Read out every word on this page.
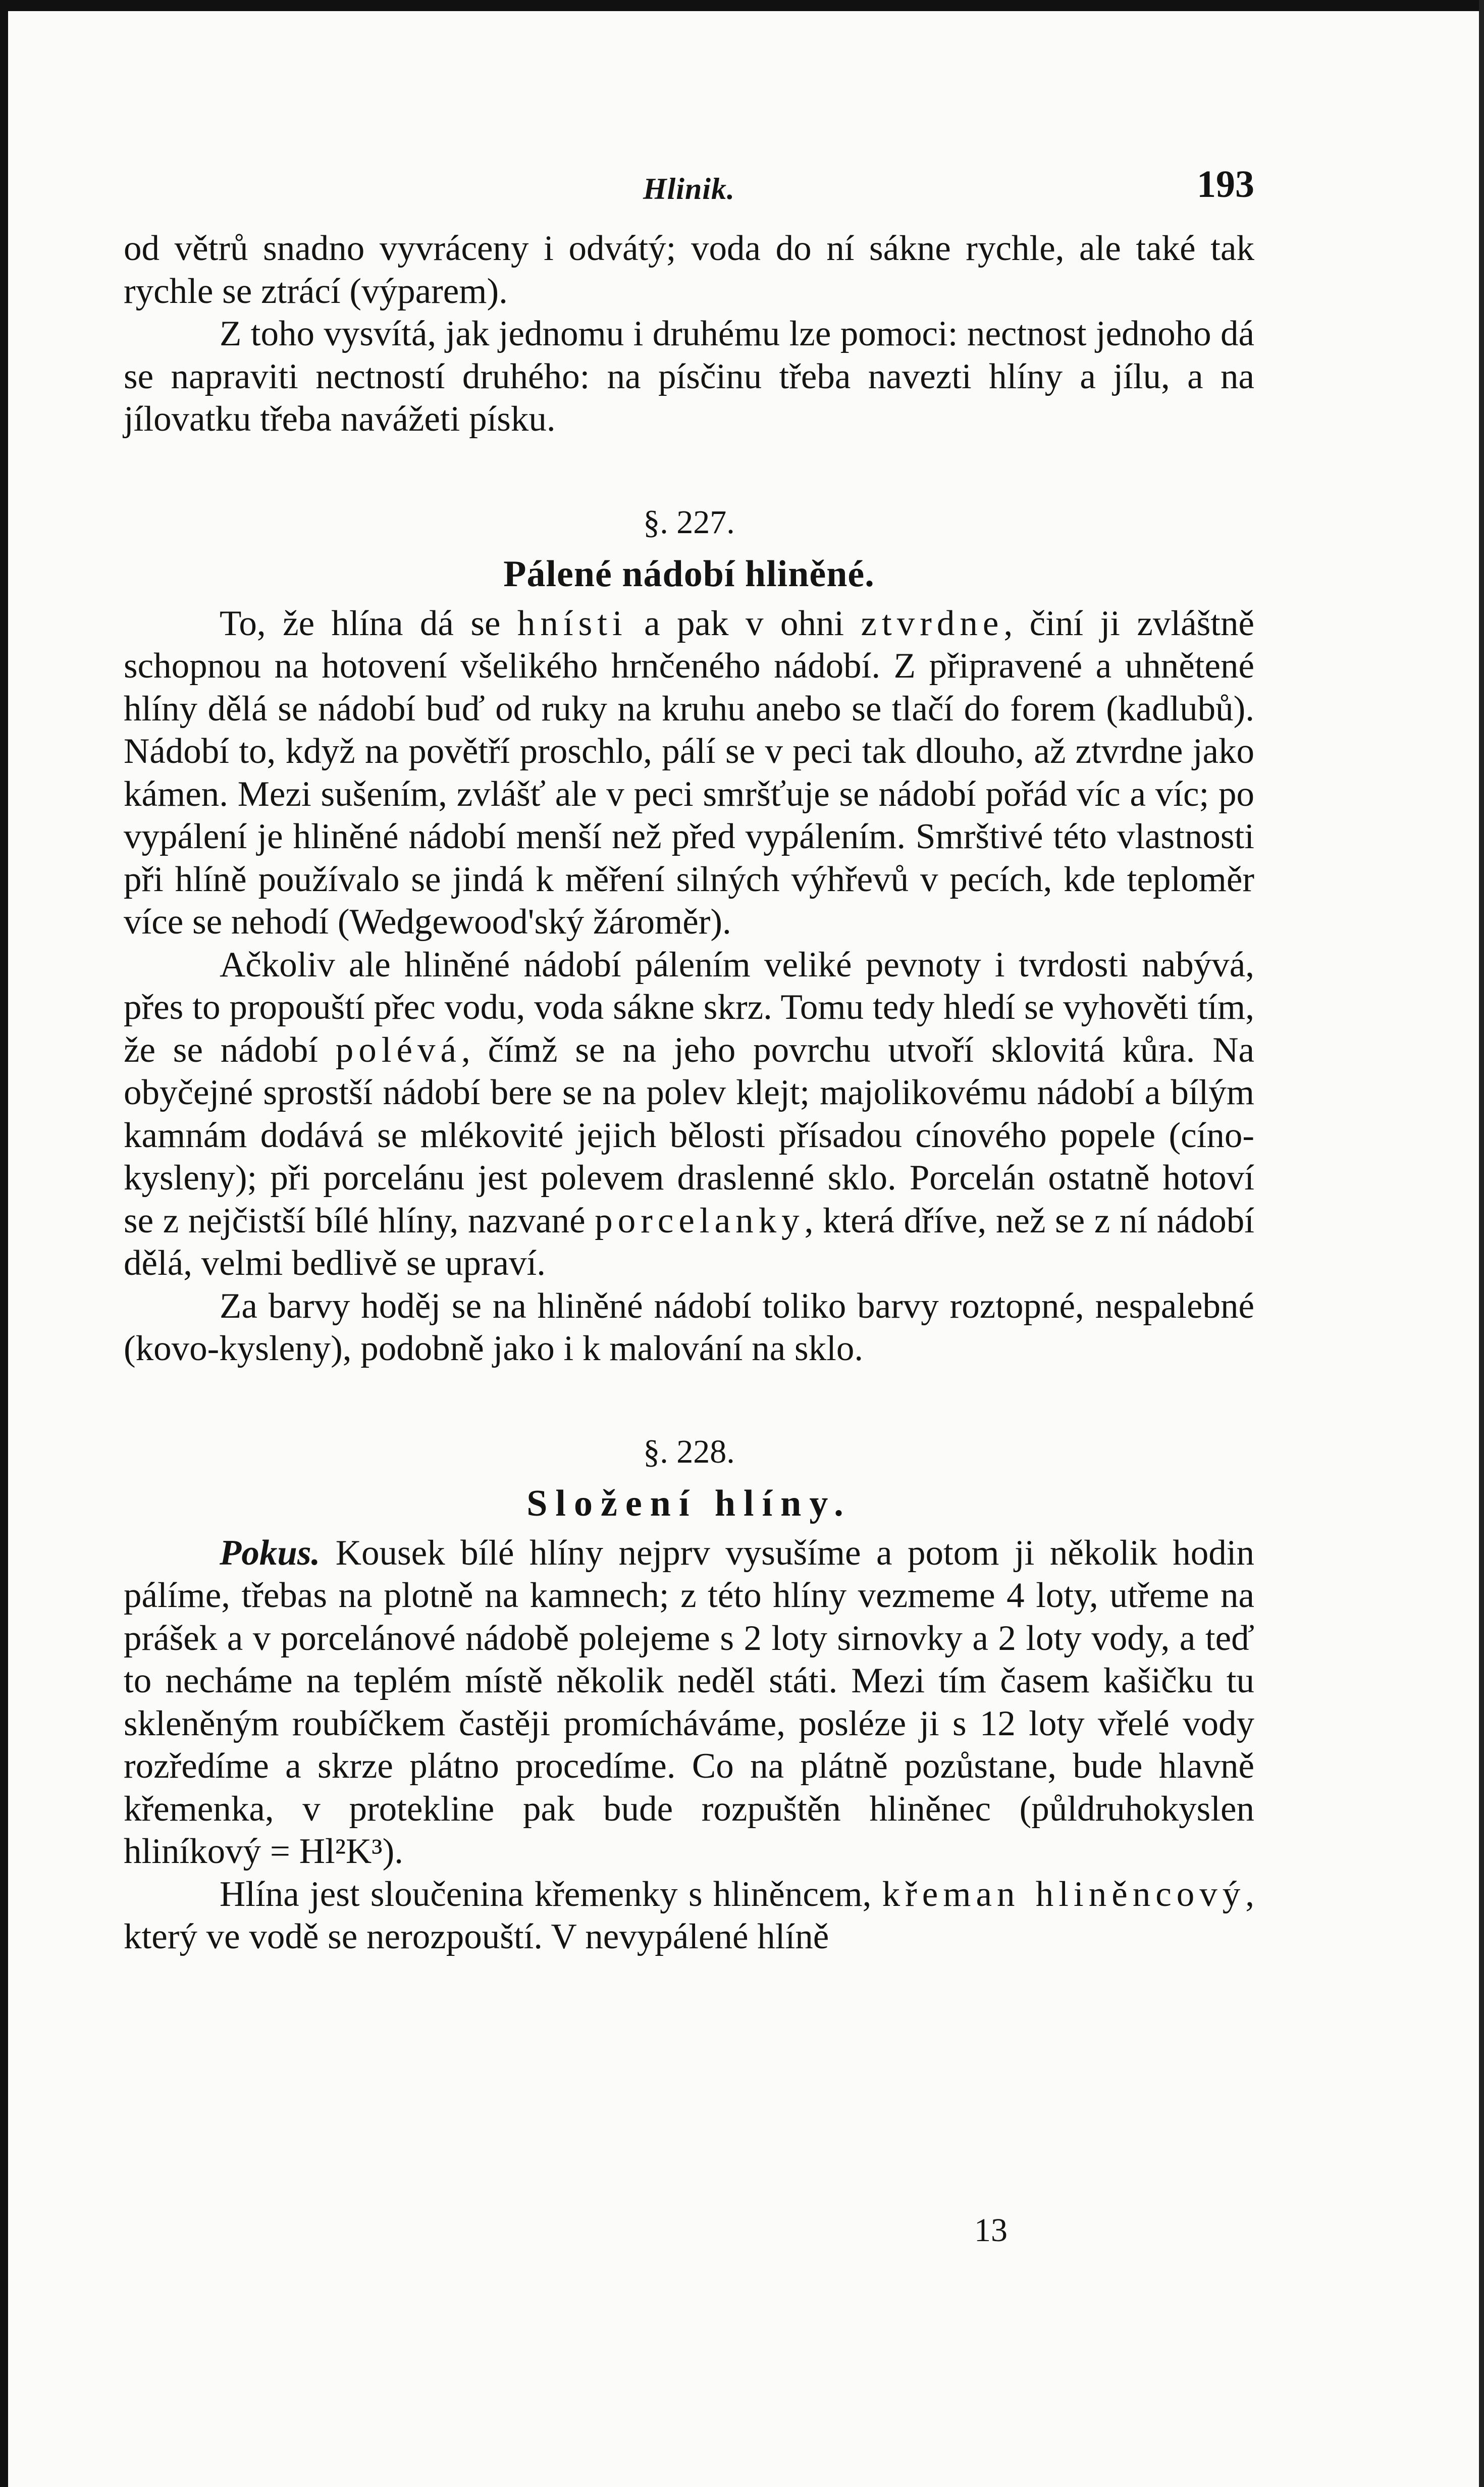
Hlinik.	193

od větrů snadno vyvráceny i odvátý; voda do ní sákne rychle, ale také tak rychle se ztrácí (výparem).

Z toho vysvítá, jak jednomu i druhému lze pomoci: nectnost jednoho dá se napraviti nectností druhého: na písčinu třeba navezti hlíny a jílu, a na jílovatku třeba navážeti písku.

§. 227.
Pálené nádobí hliněné.

To, že hlína dá se hnísti a pak v ohni ztvrdne, činí ji zvláštně schopnou na hotovení všelikého hrnčeného nádobí. Z připravené a uhnětené hlíny dělá se nádobí buď od ruky na kruhu anebo se tlačí do forem (kadlubů). Nádobí to, když na povětří proschlo, pálí se v peci tak dlouho, až ztvrdne jako kámen. Mezi sušením, zvlášť ale v peci smršťuje se nádobí pořád víc a víc; po vypálení je hliněné nádobí menší než před vypálením. Smrštivé této vlastnosti při hlíně používalo se jindá k měření silných výhřevů v pecích, kde teploměr více se nehodí (Wedgewood'ský žároměr).

Ačkoliv ale hliněné nádobí pálením veliké pevnoty i tvrdosti nabývá, přes to propouští přec vodu, voda sákne skrz. Tomu tedy hledí se vyhověti tím, že se nádobí polévá, čímž se na jeho povrchu utvoří sklovitá kůra. Na obyčejné sprostší nádobí bere se na polev klejt; majolikovému nádobí a bílým kamnám dodává se mlékovité jejich bělosti přísadou cínového popele (cíno-kysleny); při porcelánu jest polevem draslenné sklo. Porcelán ostatně hotoví se z nejčistší bílé hlíny, nazvané porcelanky, která dříve, než se z ní nádobí dělá, velmi bedlivě se upraví.

Za barvy hoděj se na hliněné nádobí toliko barvy roztopné, nespalebné (kovo-kysleny), podobně jako i k malování na sklo.

§. 228.
Složení hlíny.

Pokus. Kousek bílé hlíny nejprv vysušíme a potom ji několik hodin pálíme, třebas na plotně na kamnech; z této hlíny vezmeme 4 loty, utřeme na prášek a v porcelánové nádobě polejeme s 2 loty sirnovky a 2 loty vody, a teď to necháme na teplém místě několik neděl státi. Mezi tím časem kašičku tu skleněným roubíčkem častěji promícháváme, posléze ji s 12 loty vřelé vody rozředíme a skrze plátno procedíme. Co na plátně pozůstane, bude hlavně křemenka, v protekline pak bude rozpuštěn hliněnec (půldruhokyslen hliníkový = Hl²K³).

Hlína jest sloučenina křemenky s hliněncem, křeman hliněncový, který ve vodě se nerozpouští. V nevypálené hlíně

13
